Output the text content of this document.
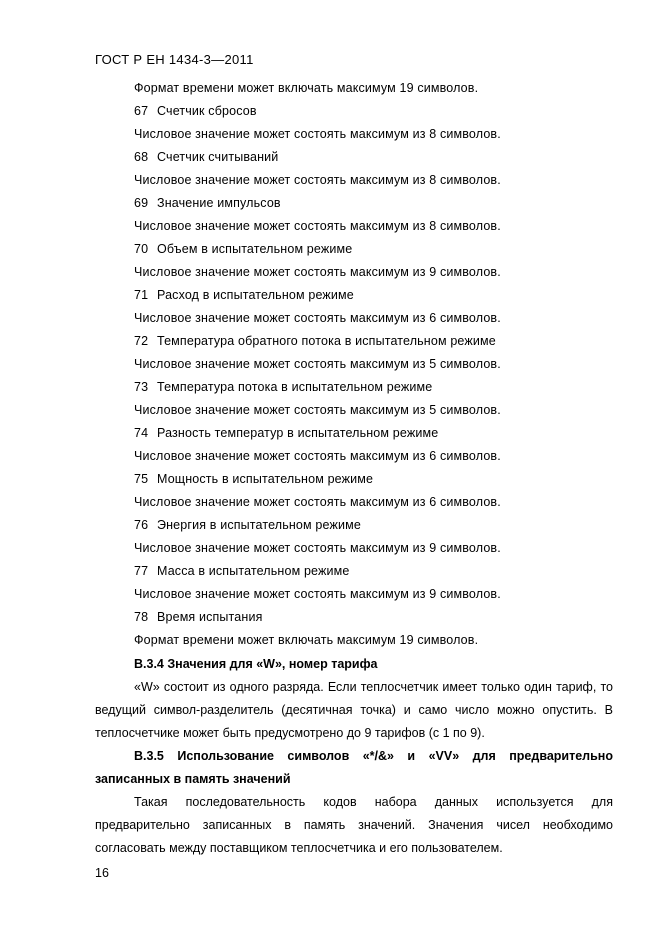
ГОСТ Р ЕН 1434-3—2011
Формат времени может включать максимум 19 символов.
67 Счетчик сбросов
Числовое значение может состоять максимум из 8 символов.
68 Счетчик считываний
Числовое значение может состоять максимум из 8 символов.
69 Значение импульсов
Числовое значение может состоять максимум из 8 символов.
70 Объем в испытательном режиме
Числовое значение может состоять максимум из 9 символов.
71 Расход в испытательном режиме
Числовое значение может состоять максимум из 6 символов.
72 Температура обратного потока в испытательном режиме
Числовое значение может состоять максимум из 5 символов.
73 Температура потока в испытательном режиме
Числовое значение может состоять максимум из 5 символов.
74 Разность температур в испытательном режиме
Числовое значение может состоять максимум из 6 символов.
75 Мощность в испытательном режиме
Числовое значение может состоять максимум из 6 символов.
76 Энергия в испытательном режиме
Числовое значение может состоять максимум из 9 символов.
77 Масса в испытательном режиме
Числовое значение может состоять максимум из 9 символов.
78 Время испытания
Формат времени может включать максимум 19 символов.
В.3.4 Значения для «W», номер тарифа

«W» состоит из одного разряда. Если теплосчетчик имеет только один тариф, то ведущий символ-разделитель (десятичная точка) и само число можно опустить. В теплосчетчике может быть предусмотрено до 9 тарифов (с 1 по 9).

В.3.5 Использование символов «*/&» и «VV» для предварительно записанных в память значений

Такая последовательность кодов набора данных используется для предварительно записанных в память значений. Значения чисел необходимо согласовать между поставщиком теплосчетчика и его пользователем.

16
